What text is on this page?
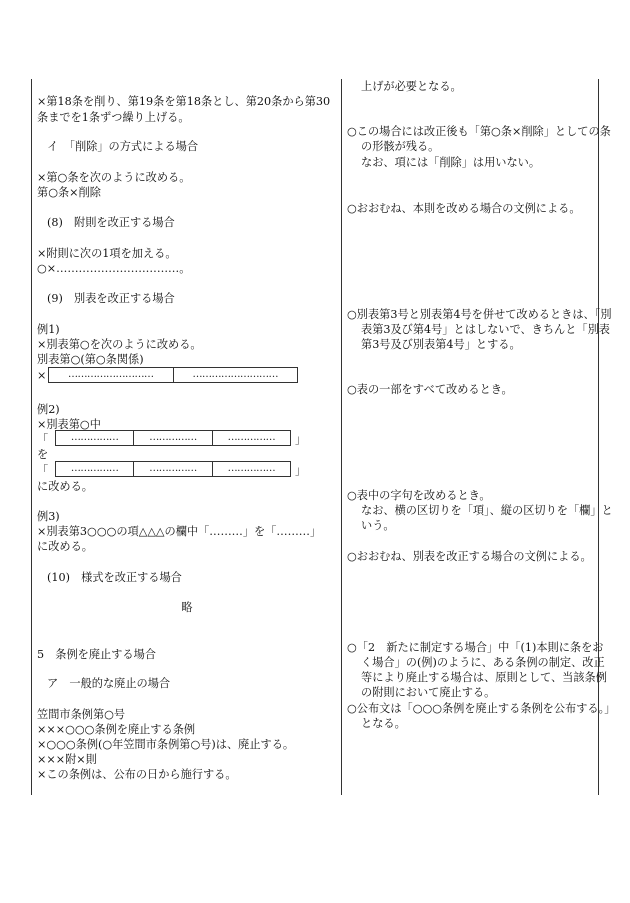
×第18条を削り、第19条を第18条とし、第20条から第30
条までを1条ずつ繰り上げる。
イ　「削除」の方式による場合
×第○条を次のように改める。
第○条×削除
(8)　附則を改正する場合
×附則に次の1項を加える。
○×……………………………。
(9)　別表を改正する場合
例1)
×別表第○を次のように改める。
別表第○(第○条関係)
×	………………………	………………………
例2)
×別表第○中
「	……………	……………	……………	」
を
「	……………	……………	……………	」
に改める。
例3)
×別表第3○○○の項△△△の欄中「………」を「………」
に改める。
(10)　様式を改正する場合
略
5　条例を廃止する場合
ア　一般的な廃止の場合
笠間市条例第○号
×××○○○条例を廃止する条例
×○○○条例(○年笠間市条例第○号)は、廃止する。
×××附×則
×この条例は、公布の日から施行する。
上げが必要となる。
○この場合には改正後も「第○条×削除」としての条の形骸が残る。
なお、項には「削除」は用いない。
○おおむね、本則を改める場合の文例による。
○別表第3号と別表第4号を併せて改めるときは、「別表第3及び第4号」とはしないで、きちんと「別表第3号及び別表第4号」とする。
○表の一部をすべて改めるとき。
○表中の字句を改めるとき。
なお、横の区切りを「項」、縦の区切りを「欄」という。
○おおむね、別表を改正する場合の文例による。
○「2　新たに制定する場合」中「(1)本則に条をおく場合」の(例)のように、ある条例の制定、改正等により廃止する場合は、原則として、当該条例の附則において廃止する。
○公布文は「○○○条例を廃止する条例を公布する。」となる。
